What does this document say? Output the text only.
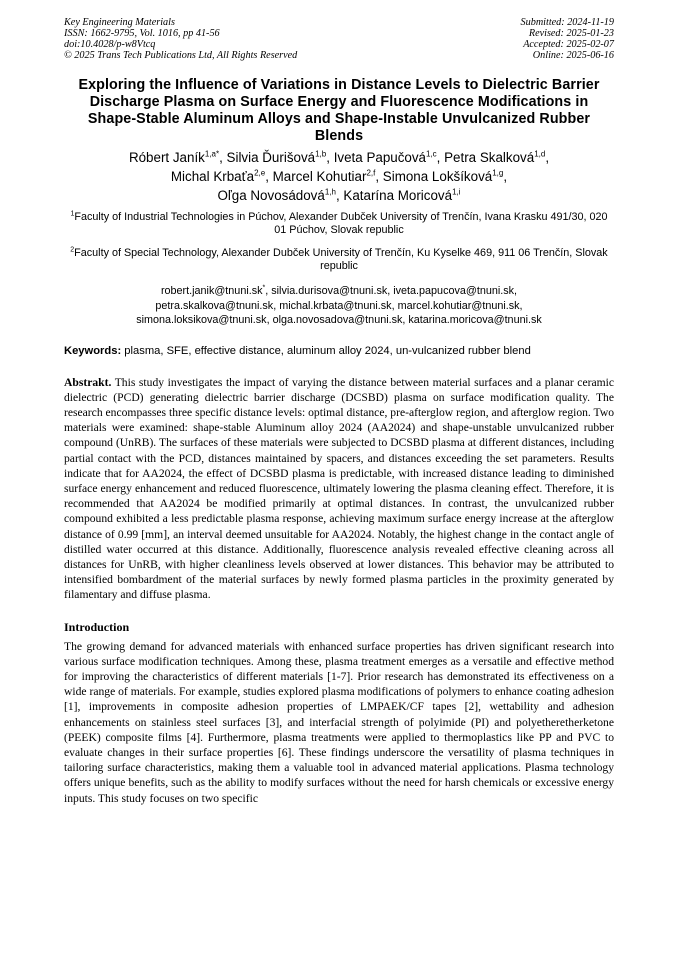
Key Engineering Materials
ISSN: 1662-9795, Vol. 1016, pp 41-56
doi:10.4028/p-w8Vtcq
© 2025 Trans Tech Publications Ltd, All Rights Reserved
Submitted: 2024-11-19
Revised: 2025-01-23
Accepted: 2025-02-07
Online: 2025-06-16
Exploring the Influence of Variations in Distance Levels to Dielectric Barrier Discharge Plasma on Surface Energy and Fluorescence Modifications in Shape-Stable Aluminum Alloys and Shape-Instable Unvulcanized Rubber Blends
Róbert Janík$^{1,a*}$, Silvia Ďurišová$^{1,b}$, Iveta Papučová$^{1,c}$, Petra Skalková$^{1,d}$,
Michal Krbaťa$^{2,e}$, Marcel Kohutiar$^{2,f}$, Simona Lokšíková$^{1,g}$,
Oľga Novosádová$^{1,h}$, Katarína Moricová$^{1,i}$
$^1$Faculty of Industrial Technologies in Púchov, Alexander Dubček University of Trenčín, Ivana Krasku 491/30, 020 01 Púchov, Slovak republic
$^2$Faculty of Special Technology, Alexander Dubček University of Trenčín, Ku Kyselke 469, 911 06 Trenčín, Slovak republic
robert.janik@tnuni.sk*, silvia.durisova@tnuni.sk, iveta.papucova@tnuni.sk,
petra.skalkova@tnuni.sk, michal.krbata@tnuni.sk, marcel.kohutiar@tnuni.sk,
simona.loksikova@tnuni.sk, olga.novosadova@tnuni.sk, katarina.moricova@tnuni.sk
Keywords: plasma, SFE, effective distance, aluminum alloy 2024, un-vulcanized rubber blend
Abstrakt. This study investigates the impact of varying the distance between material surfaces and a planar ceramic dielectric (PCD) generating dielectric barrier discharge (DCSBD) plasma on surface modification quality. The research encompasses three specific distance levels: optimal distance, pre-afterglow region, and afterglow region. Two materials were examined: shape-stable Aluminum alloy 2024 (AA2024) and shape-unstable unvulcanized rubber compound (UnRB). The surfaces of these materials were subjected to DCSBD plasma at different distances, including partial contact with the PCD, distances maintained by spacers, and distances exceeding the set parameters. Results indicate that for AA2024, the effect of DCSBD plasma is predictable, with increased distance leading to diminished surface energy enhancement and reduced fluorescence, ultimately lowering the plasma cleaning effect. Therefore, it is recommended that AA2024 be modified primarily at optimal distances. In contrast, the unvulcanized rubber compound exhibited a less predictable plasma response, achieving maximum surface energy increase at the afterglow distance of 0.99 [mm], an interval deemed unsuitable for AA2024. Notably, the highest change in the contact angle of distilled water occurred at this distance. Additionally, fluorescence analysis revealed effective cleaning across all distances for UnRB, with higher cleanliness levels observed at lower distances. This behavior may be attributed to intensified bombardment of the material surfaces by newly formed plasma particles in the proximity generated by filamentary and diffuse plasma.
Introduction
The growing demand for advanced materials with enhanced surface properties has driven significant research into various surface modification techniques. Among these, plasma treatment emerges as a versatile and effective method for improving the characteristics of different materials [1-7]. Prior research has demonstrated its effectiveness on a wide range of materials. For example, studies explored plasma modifications of polymers to enhance coating adhesion [1], improvements in composite adhesion properties of LMPAEK/CF tapes [2], wettability and adhesion enhancements on stainless steel surfaces [3], and interfacial strength of polyimide (PI) and polyetheretherketone (PEEK) composite films [4]. Furthermore, plasma treatments were applied to thermoplastics like PP and PVC to evaluate changes in their surface properties [6]. These findings underscore the versatility of plasma techniques in tailoring surface characteristics, making them a valuable tool in advanced material applications. Plasma technology offers unique benefits, such as the ability to modify surfaces without the need for harsh chemicals or excessive energy inputs. This study focuses on two specific
